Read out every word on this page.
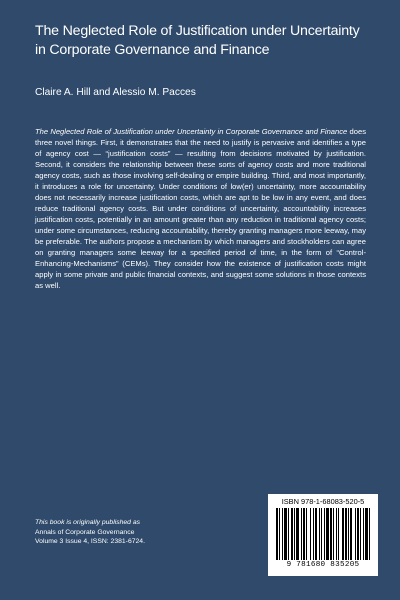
The Neglected Role of Justification under Uncertainty
in Corporate Governance and Finance
Claire A. Hill and Alessio M. Pacces

The Neglected Role of Justification under Uncertainty in Corporate Governance and Finance does three novel things. First, it demonstrates that the need to justify is pervasive and identifies a type of agency cost — “justification costs” — resulting from decisions motivated by justification. Second, it considers the relationship between these sorts of agency costs and more traditional agency costs, such as those involving self-dealing or empire building. Third, and most importantly, it introduces a role for uncertainty. Under conditions of low(er) uncertainty, more accountability does not necessarily increase justification costs, which are apt to be low in any event, and does reduce traditional agency costs. But under conditions of uncertainty, accountability increases justification costs, potentially in an amount greater than any reduction in traditional agency costs; under some circumstances, reducing accountability, thereby granting managers more leeway, may be preferable. The authors propose a mechanism by which managers and stockholders can agree on granting managers some leeway for a specified period of time, in the form of “Control-Enhancing-Mechanisms” (CEMs). They consider how the existence of justification costs might apply in some private and public financial contexts, and suggest some solutions in those contexts as well.

This book is originally published as
Annals of Corporate Governance
Volume 3 Issue 4, ISSN: 2381-6724.
ISBN 978-1-68083-520-5
9 781680 835205
